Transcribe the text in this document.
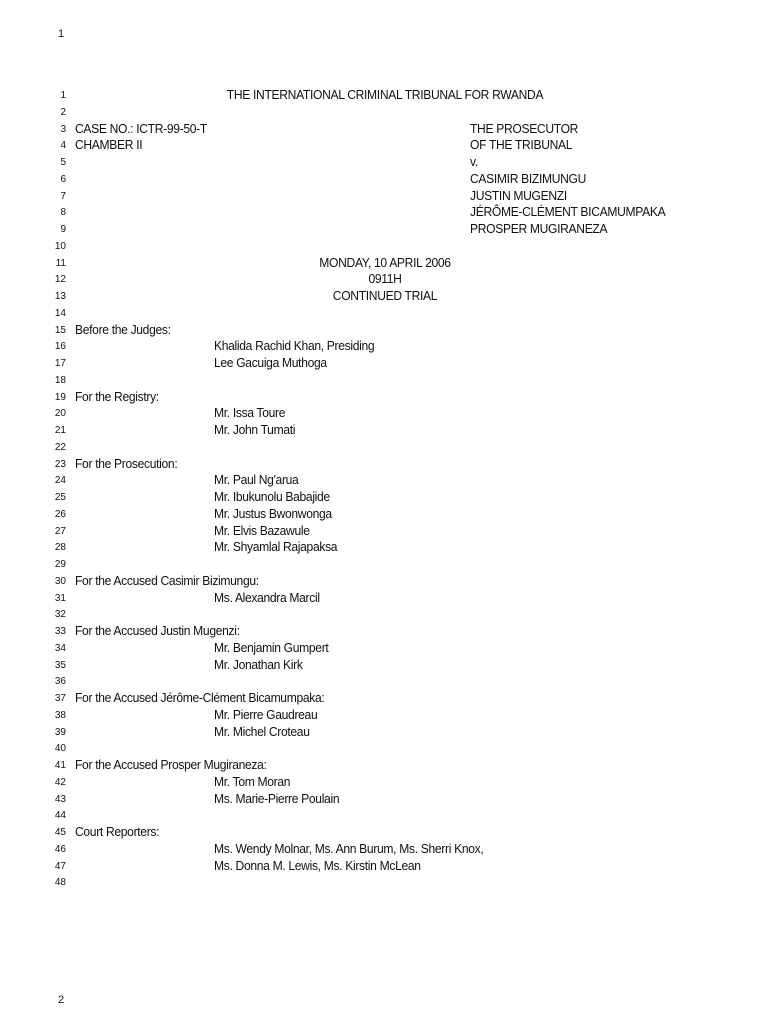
1
1	THE INTERNATIONAL CRIMINAL TRIBUNAL FOR RWANDA
2
3 CASE NO.: ICTR-99-50-T	THE PROSECUTOR
4 CHAMBER II	OF THE TRIBUNAL
5	v.
6	CASIMIR BIZIMUNGU
7	JUSTIN MUGENZI
8	JÉRÔME-CLÉMENT BICAMUMPAKA
9	PROSPER MUGIRANEZA
10
11	MONDAY, 10 APRIL 2006
12	0911H
13	CONTINUED TRIAL
14
15 Before the Judges:
16	Khalida Rachid Khan, Presiding
17	Lee Gacuiga Muthoga
18
19 For the Registry:
20	Mr. Issa Toure
21	Mr. John Tumati
22
23 For the Prosecution:
24	Mr. Paul Ng'arua
25	Mr. Ibukunolu Babajide
26	Mr. Justus Bwonwonga
27	Mr. Elvis Bazawule
28	Mr. Shyamlal Rajapaksa
29
30 For the Accused Casimir Bizimungu:
31	Ms. Alexandra Marcil
32
33 For the Accused Justin Mugenzi:
34	Mr. Benjamin Gumpert
35	Mr. Jonathan Kirk
36
37 For the Accused Jérôme-Clément Bicamumpaka:
38	Mr. Pierre Gaudreau
39	Mr. Michel Croteau
40
41 For the Accused Prosper Mugiraneza:
42	Mr. Tom Moran
43	Ms. Marie-Pierre Poulain
44
45 Court Reporters:
46	Ms. Wendy Molnar, Ms. Ann Burum, Ms. Sherri Knox,
47	Ms. Donna M. Lewis, Ms. Kirstin McLean
48
2
